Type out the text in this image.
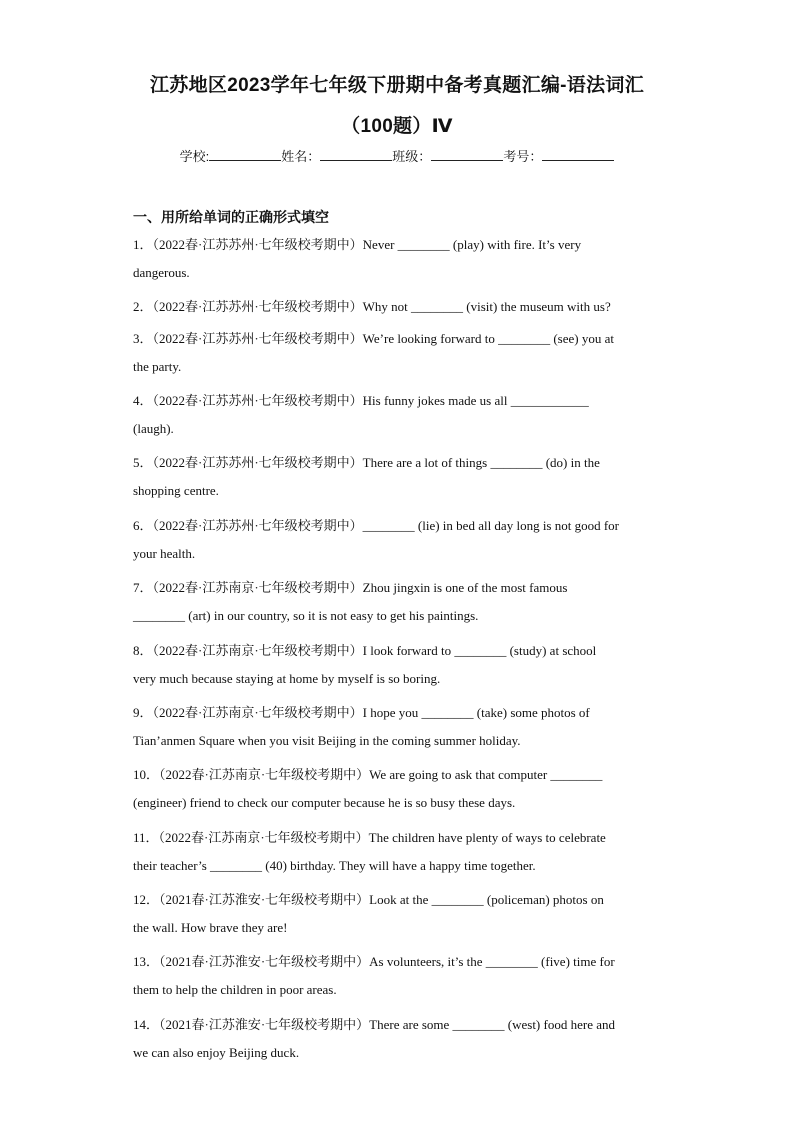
江苏地区2023学年七年级下册期中备考真题汇编-语法词汇
（100题）Ⅳ
学校:	姓名：	班级：	考号：
一、用所给单词的正确形式填空
1．（2022春·江苏苏州·七年级校考期中）Never ________ (play) with fire. It’s very
dangerous.
2．（2022春·江苏苏州·七年级校考期中）Why not ________ (visit) the museum with us?
3．（2022春·江苏苏州·七年级校考期中）We’re looking forward to ________ (see) you at
the party.
4．（2022春·江苏苏州·七年级校考期中）His funny jokes made us all ____________
(laugh).
5．（2022春·江苏苏州·七年级校考期中）There are a lot of things ________ (do) in the
shopping centre.
6．（2022春·江苏苏州·七年级校考期中）________ (lie) in bed all day long is not good for
your health.
7．（2022春·江苏南京·七年级校考期中）Zhou jingxin is one of the most famous
________ (art) in our country, so it is not easy to get his paintings.
8．（2022春·江苏南京·七年级校考期中）I look forward to ________ (study) at school
very much because staying at home by myself is so boring.
9．（2022春·江苏南京·七年级校考期中）I hope you ________ (take) some photos of
Tian’anmen Square when you visit Beijing in the coming summer holiday.
10．（2022春·江苏南京·七年级校考期中）We are going to ask that computer ________
(engineer) friend to check our computer because he is so busy these days.
11．（2022春·江苏南京·七年级校考期中）The children have plenty of ways to celebrate
their teacher’s ________ (40) birthday. They will have a happy time together.
12．（2021春·江苏淮安·七年级校考期中）Look at the ________ (policeman) photos on
the wall. How brave they are!
13．（2021春·江苏淮安·七年级校考期中）As volunteers, it’s the ________ (five) time for
them to help the children in poor areas.
14．（2021春·江苏淮安·七年级校考期中）There are some ________ (west) food here and
we can also enjoy Beijing duck.
